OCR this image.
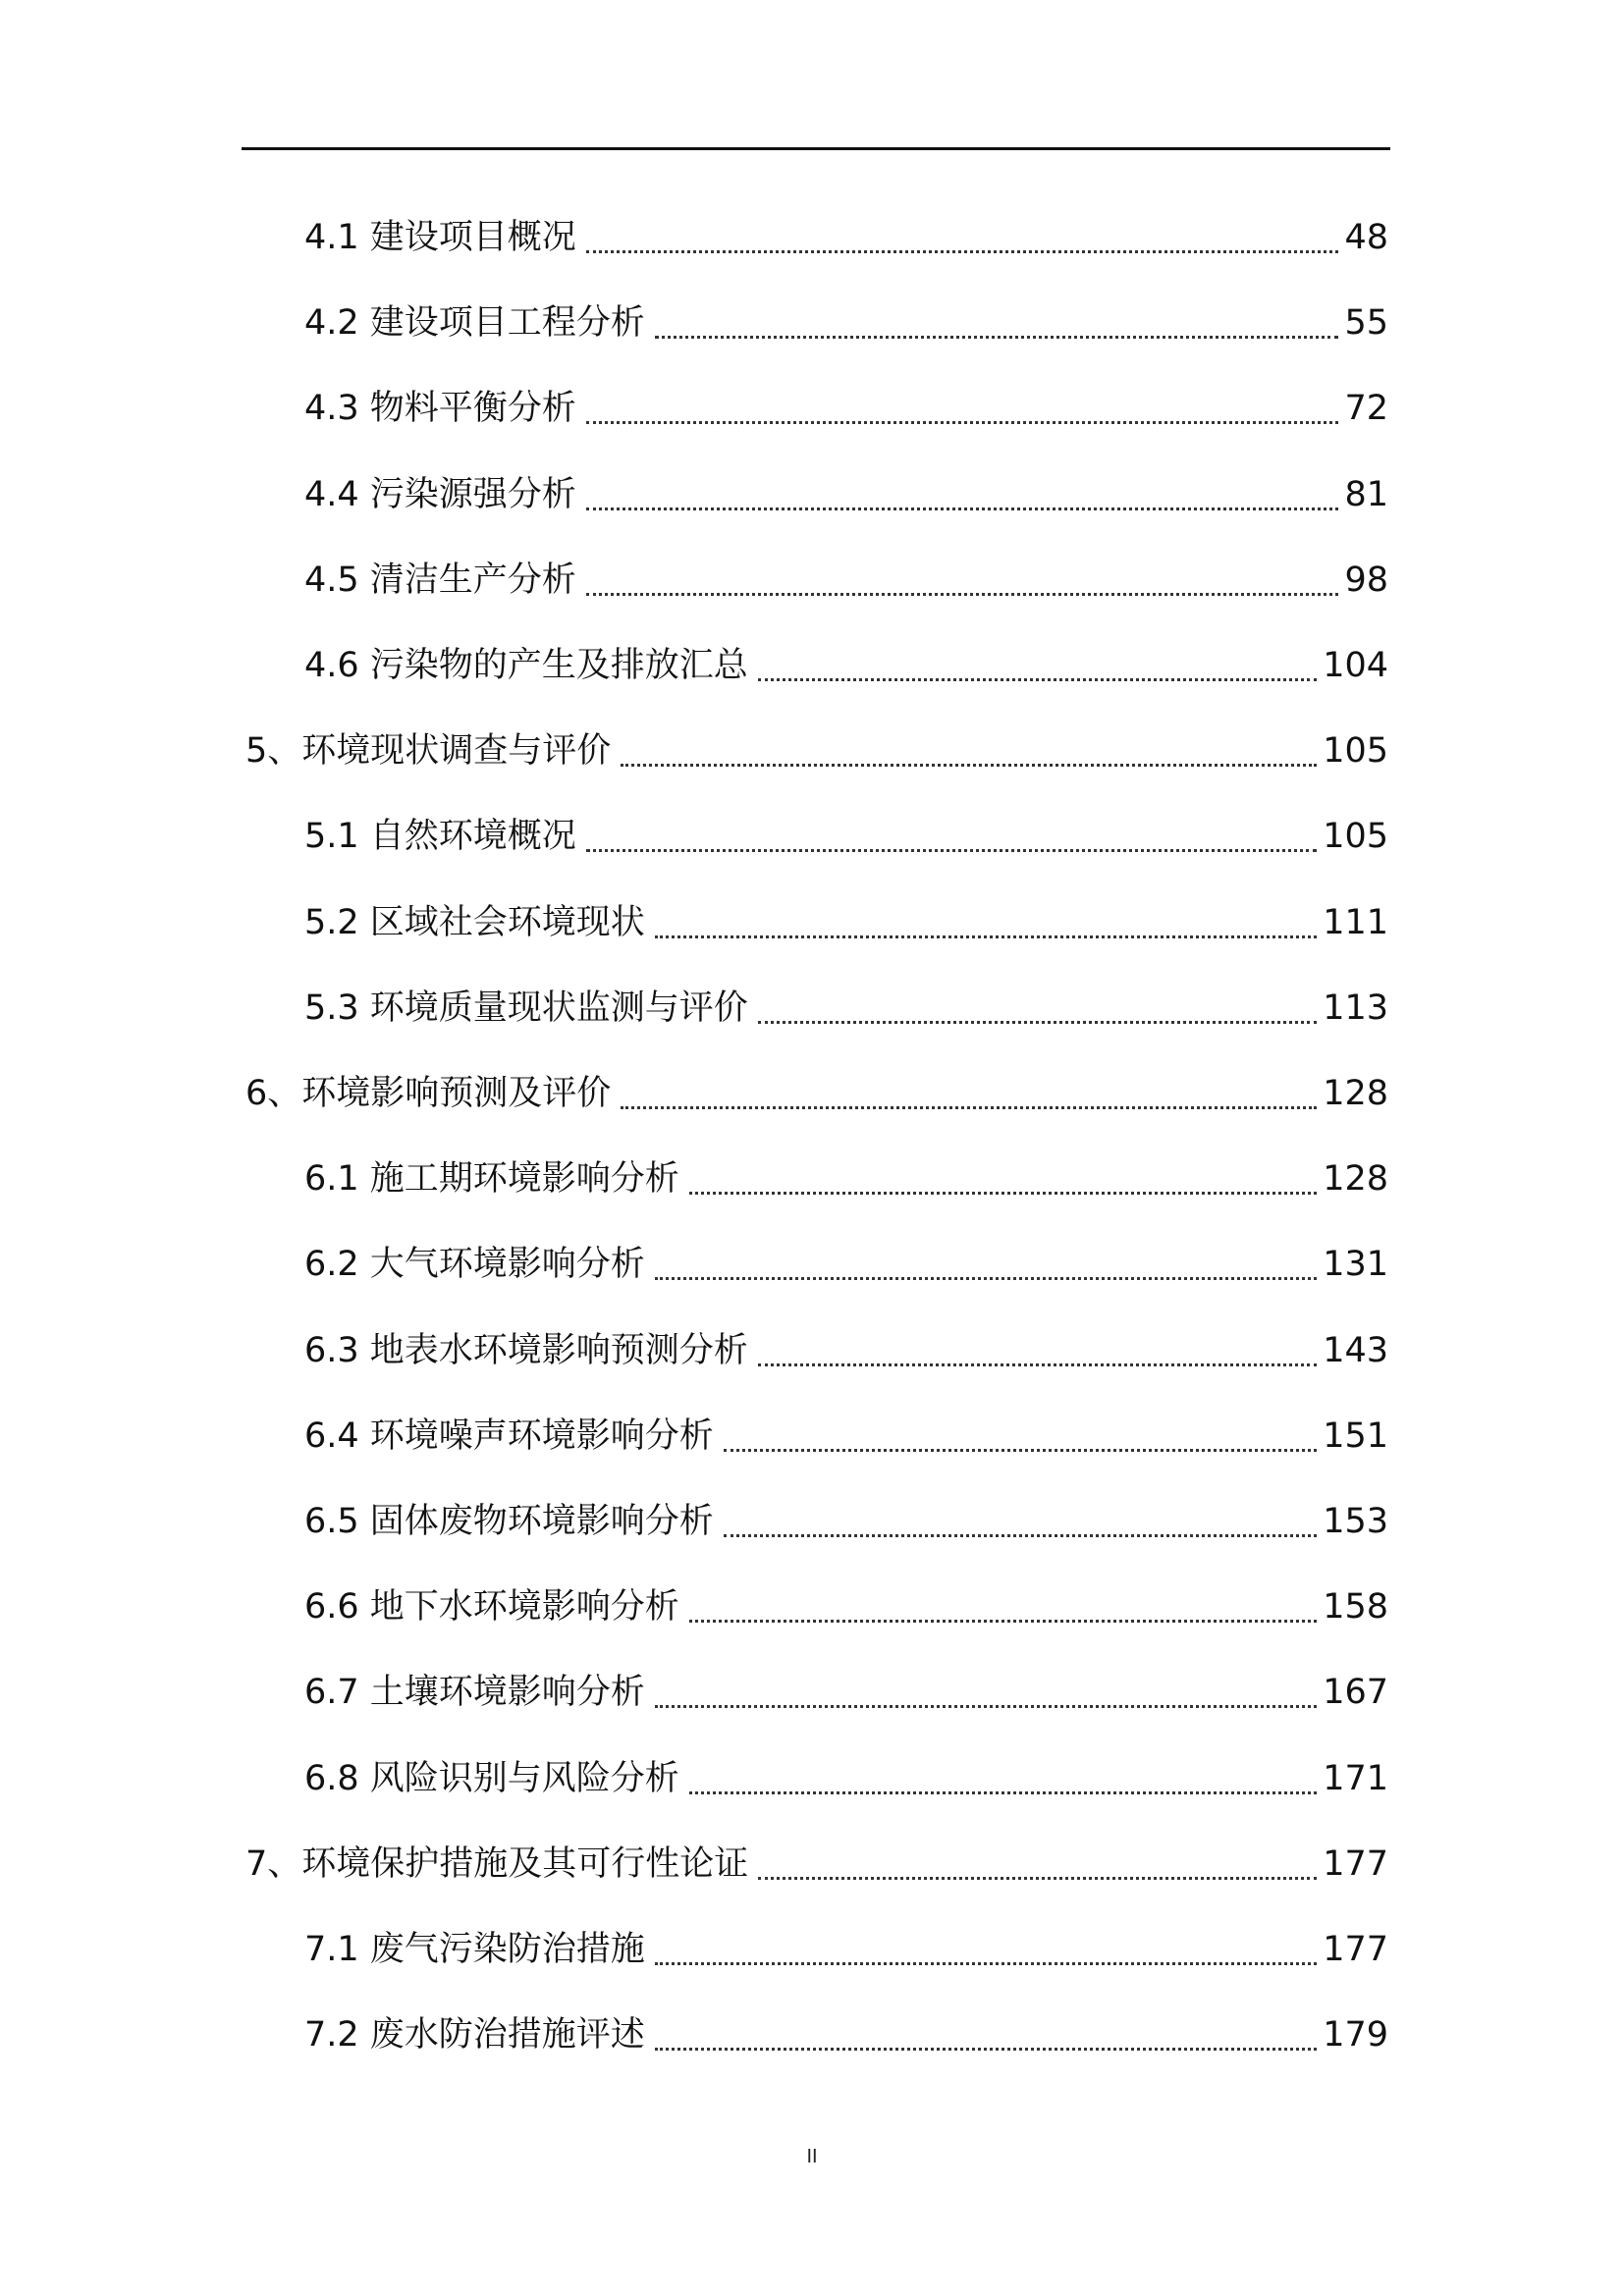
4.1 建设项目概况	48
4.2 建设项目工程分析	55
4.3 物料平衡分析	72
4.4 污染源强分析	81
4.5 清洁生产分析	98
4.6 污染物的产生及排放汇总	104
5、环境现状调查与评价	105
5.1 自然环境概况	105
5.2 区域社会环境现状	111
5.3 环境质量现状监测与评价	113
6、环境影响预测及评价	128
6.1 施工期环境影响分析	128
6.2 大气环境影响分析	131
6.3 地表水环境影响预测分析	143
6.4 环境噪声环境影响分析	151
6.5 固体废物环境影响分析	153
6.6 地下水环境影响分析	158
6.7 土壤环境影响分析	167
6.8 风险识别与风险分析	171
7、环境保护措施及其可行性论证	177
7.1 废气污染防治措施	177
7.2 废水防治措施评述	179
II
